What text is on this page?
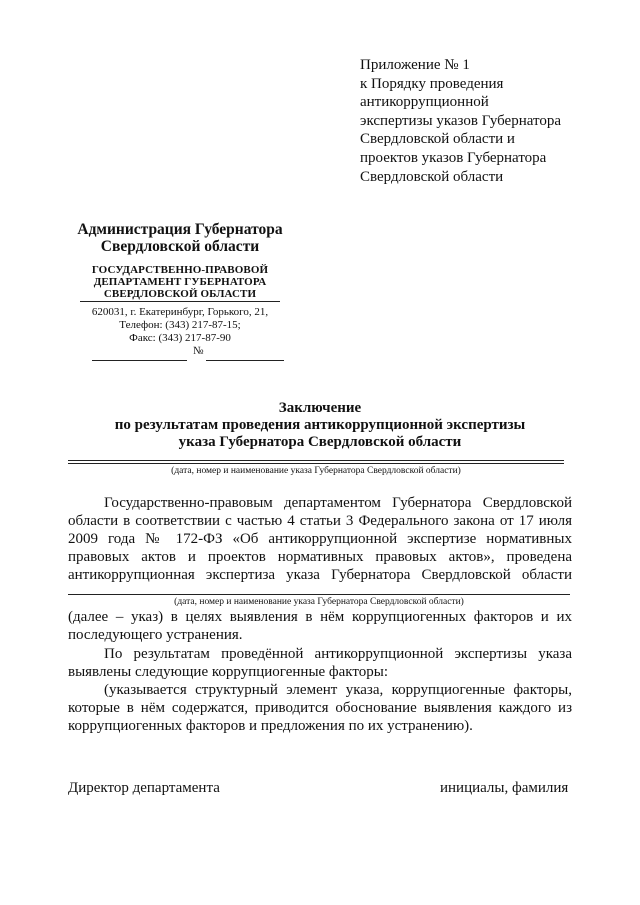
Приложение № 1
к Порядку проведения
антикоррупционной
экспертизы указов Губернатора
Свердловской области и
проектов указов Губернатора
Свердловской области
Администрация Губернатора
Свердловской области
ГОСУДАРСТВЕННО-ПРАВОВОЙ
ДЕПАРТАМЕНТ ГУБЕРНАТОРА
СВЕРДЛОВСКОЙ ОБЛАСТИ
620031, г. Екатеринбург, Горького, 21,
Телефон: (343) 217-87-15;
Факс: (343) 217-87-90
№
Заключение
по результатам проведения антикоррупционной экспертизы
указа Губернатора Свердловской области
(дата, номер и наименование указа Губернатора Свердловской области)
Государственно-правовым департаментом Губернатора Свердловской
области в соответствии с частью 4 статьи 3 Федерального закона от 17 июля
2009 года № 172-ФЗ «Об антикоррупционной экспертизе нормативных
правовых актов и проектов нормативных правовых актов», проведена
антикоррупционная экспертиза указа Губернатора Свердловской области
(дата, номер и наименование указа Губернатора Свердловской области)
(далее – указ) в целях выявления в нём коррупциогенных факторов и их
последующего устранения.
По результатам проведённой антикоррупционной экспертизы указа
выявлены следующие коррупциогенные факторы:
(указывается структурный элемент указа, коррупциогенные факторы,
которые в нём содержатся, приводится обоснование выявления каждого из
коррупциогенных факторов и предложения по их устранению).
Директор департамента	инициалы, фамилия
